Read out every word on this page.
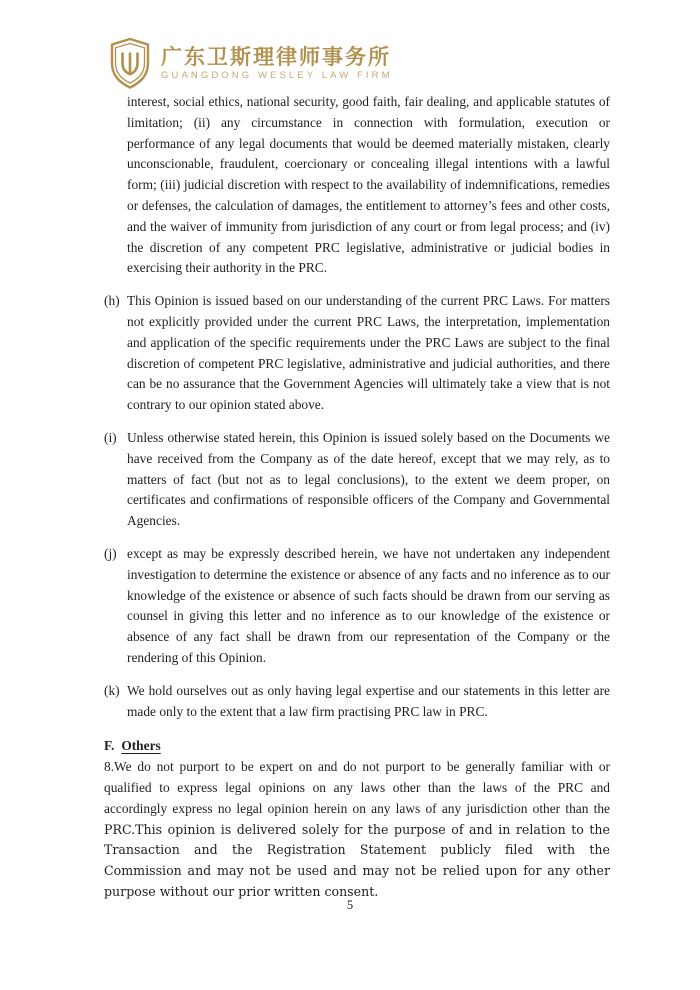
广东卫斯理律师事务所
GUANGDONG WESLEY LAW FIRM

interest, social ethics, national security, good faith, fair dealing, and applicable statutes of limitation; (ii) any circumstance in connection with formulation, execution or performance of any legal documents that would be deemed materially mistaken, clearly unconscionable, fraudulent, coercionary or concealing illegal intentions with a lawful form; (iii) judicial discretion with respect to the availability of indemnifications, remedies or defenses, the calculation of damages, the entitlement to attorney’s fees and other costs, and the waiver of immunity from jurisdiction of any court or from legal process; and (iv) the discretion of any competent PRC legislative, administrative or judicial bodies in exercising their authority in the PRC.

(h) This Opinion is issued based on our understanding of the current PRC Laws. For matters not explicitly provided under the current PRC Laws, the interpretation, implementation and application of the specific requirements under the PRC Laws are subject to the final discretion of competent PRC legislative, administrative and judicial authorities, and there can be no assurance that the Government Agencies will ultimately take a view that is not contrary to our opinion stated above.

(i) Unless otherwise stated herein, this Opinion is issued solely based on the Documents we have received from the Company as of the date hereof, except that we may rely, as to matters of fact (but not as to legal conclusions), to the extent we deem proper, on certificates and confirmations of responsible officers of the Company and Governmental Agencies.

(j) except as may be expressly described herein, we have not undertaken any independent investigation to determine the existence or absence of any facts and no inference as to our knowledge of the existence or absence of such facts should be drawn from our serving as counsel in giving this letter and no inference as to our knowledge of the existence or absence of any fact shall be drawn from our representation of the Company or the rendering of this Opinion.

(k) We hold ourselves out as only having legal expertise and our statements in this letter are made only to the extent that a law firm practising PRC law in PRC.

F. Others

8.We do not purport to be expert on and do not purport to be generally familiar with or qualified to express legal opinions on any laws other than the laws of the PRC and accordingly express no legal opinion herein on any laws of any jurisdiction other than the PRC.This opinion is delivered solely for the purpose of and in relation to the Transaction and the Registration Statement publicly filed with the Commission and may not be used and may not be relied upon for any other purpose without our prior written consent.

5
